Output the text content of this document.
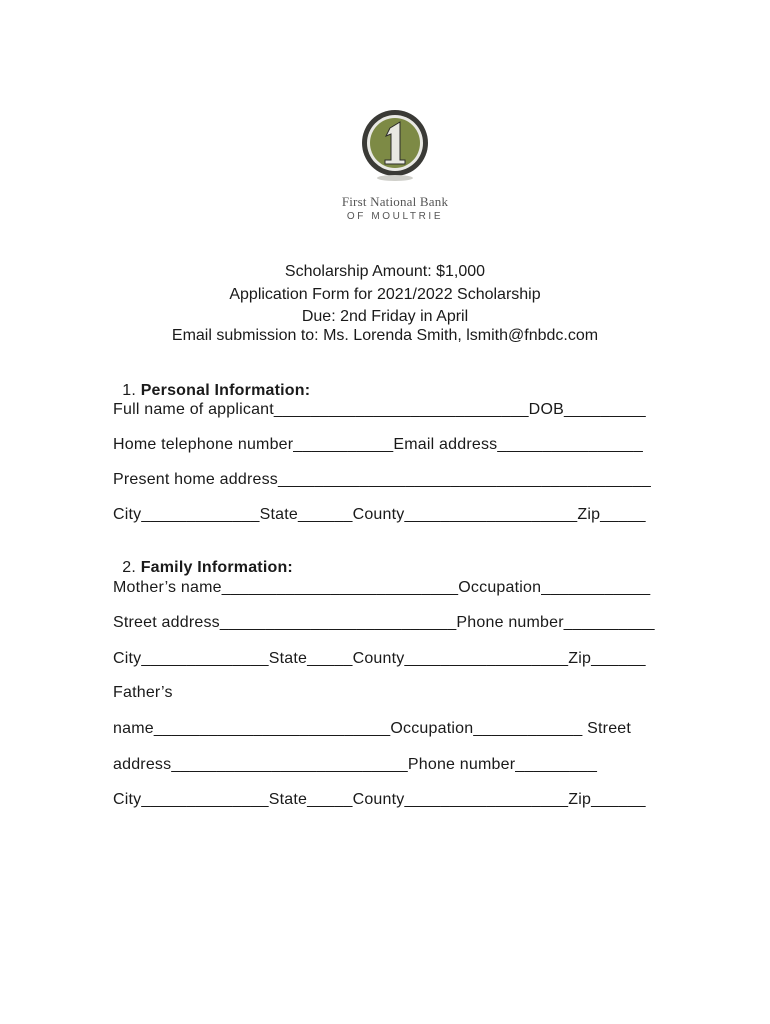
First National Bank
OF MOULTRIE
Scholarship Amount: $1,000
Application Form for 2021/2022 Scholarship
Due: 2nd Friday in April
Email submission to: Ms. Lorenda Smith, lsmith@fnbdc.com

1. Personal Information:

Full name of applicant____________________________DOB_________
Home telephone number___________Email address________________
Present home address_________________________________________
City_____________State______County___________________Zip_____

2. Family Information:

Mother’s name__________________________Occupation____________
Street address__________________________Phone number__________
City______________State_____County__________________Zip______
Father’s
name__________________________Occupation____________ Street
address__________________________Phone number_________
City______________State_____County__________________Zip______
